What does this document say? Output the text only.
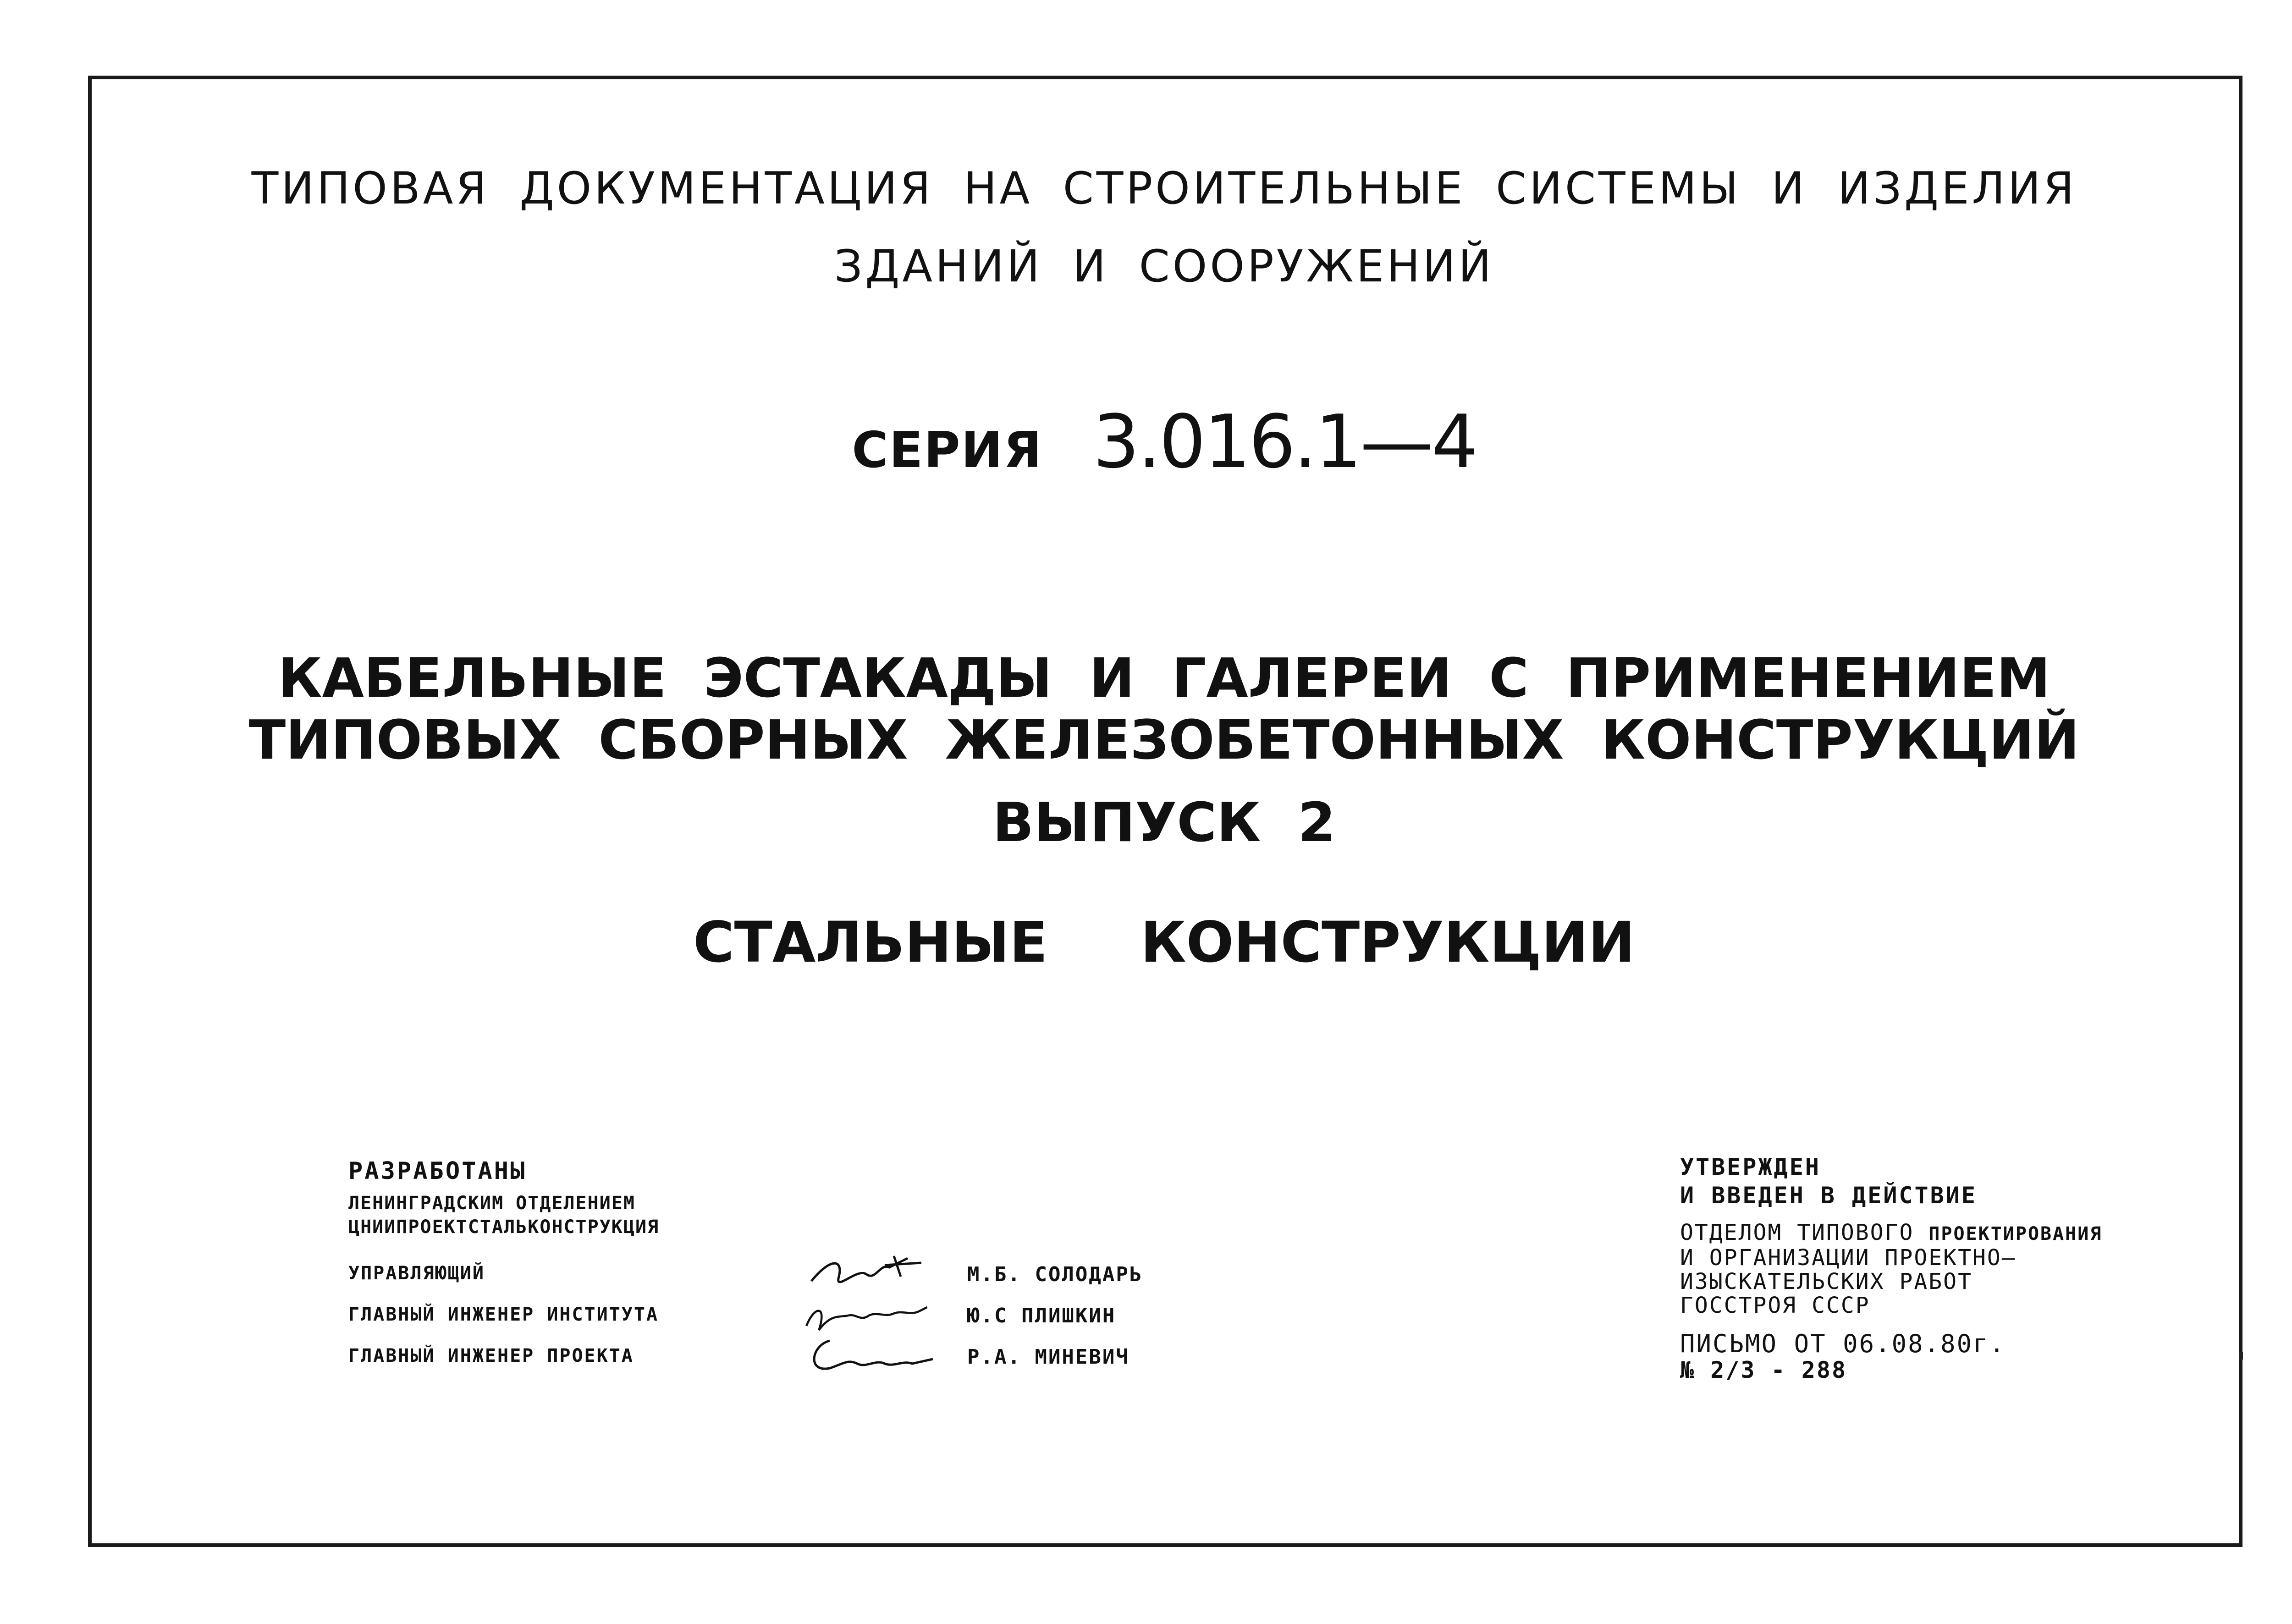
ТИПОВАЯ ДОКУМЕНТАЦИЯ НА СТРОИТЕЛЬНЫЕ СИСТЕМЫ И ИЗДЕЛИЯ
ЗДАНИЙ И СООРУЖЕНИЙ
СЕРИЯ 3.016.1—4
КАБЕЛЬНЫЕ ЭСТАКАДЫ И ГАЛЕРЕИ С ПРИМЕНЕНИЕМ
ТИПОВЫХ СБОРНЫХ ЖЕЛЕЗОБЕТОННЫХ КОНСТРУКЦИЙ
ВЫПУСК 2
СТАЛЬНЫЕ КОНСТРУКЦИИ
РАЗРАБОТАНЫ
ЛЕНИНГРАДСКИМ ОТДЕЛЕНИЕМ
ЦНИИПРОЕКТСТАЛЬКОНСТРУКЦИЯ
УПРАВЛЯЮЩИЙ	М.Б. СОЛОДАРЬ
ГЛАВНЫЙ ИНЖЕНЕР ИНСТИТУТА	Ю.С ПЛИШКИН
ГЛАВНЫЙ ИНЖЕНЕР ПРОЕКТА	Р.А. МИНЕВИЧ
УТВЕРЖДЕН
И ВВЕДЕН В ДЕЙСТВИЕ
ОТДЕЛОМ ТИПОВОГО ПРОЕКТИРОВАНИЯ
И ОРГАНИЗАЦИИ ПРОЕКТНО—
ИЗЫСКАТЕЛЬСКИХ РАБОТ
ГОССТРОЯ СССР
ПИСЬМО ОТ 06.08.80г.
№ 2/3 - 288
